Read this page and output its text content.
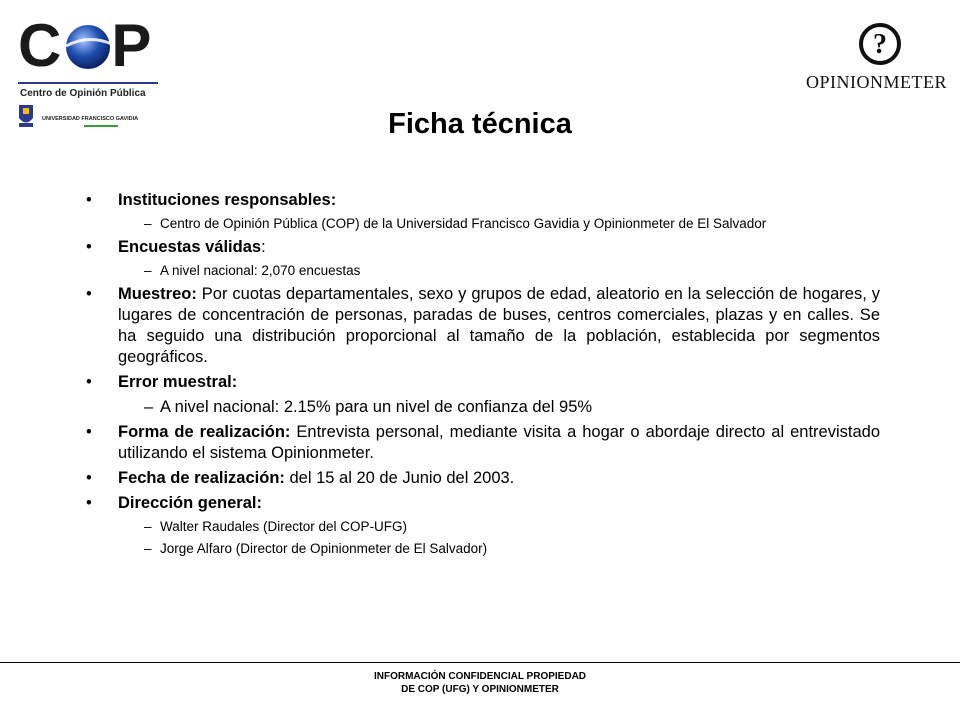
C P
Centro de Opinión Pública
UNIVERSIDAD FRANCISCO GAVIDIA
?
OPINIONMETER
Ficha técnica
• Instituciones responsables:
– Centro de Opinión Pública (COP) de la Universidad Francisco Gavidia y Opinionmeter de El Salvador
• Encuestas válidas:
– A nivel nacional: 2,070 encuestas
• Muestreo: Por cuotas departamentales, sexo y grupos de edad, aleatorio en la selección de hogares, y lugares de concentración de personas, paradas de buses, centros comerciales, plazas y en calles. Se ha seguido una distribución proporcional al tamaño de la población, establecida por segmentos geográficos.
• Error muestral:
– A nivel nacional: 2.15% para un nivel de confianza del 95%
• Forma de realización: Entrevista personal, mediante visita a hogar o abordaje directo al entrevistado utilizando el sistema Opinionmeter.
• Fecha de realización: del 15 al 20 de Junio del 2003.
• Dirección general:
– Walter Raudales (Director del COP-UFG)
– Jorge Alfaro (Director de Opinionmeter de El Salvador)
INFORMACIÓN CONFIDENCIAL PROPIEDAD
DE COP (UFG) Y OPINIONMETER
